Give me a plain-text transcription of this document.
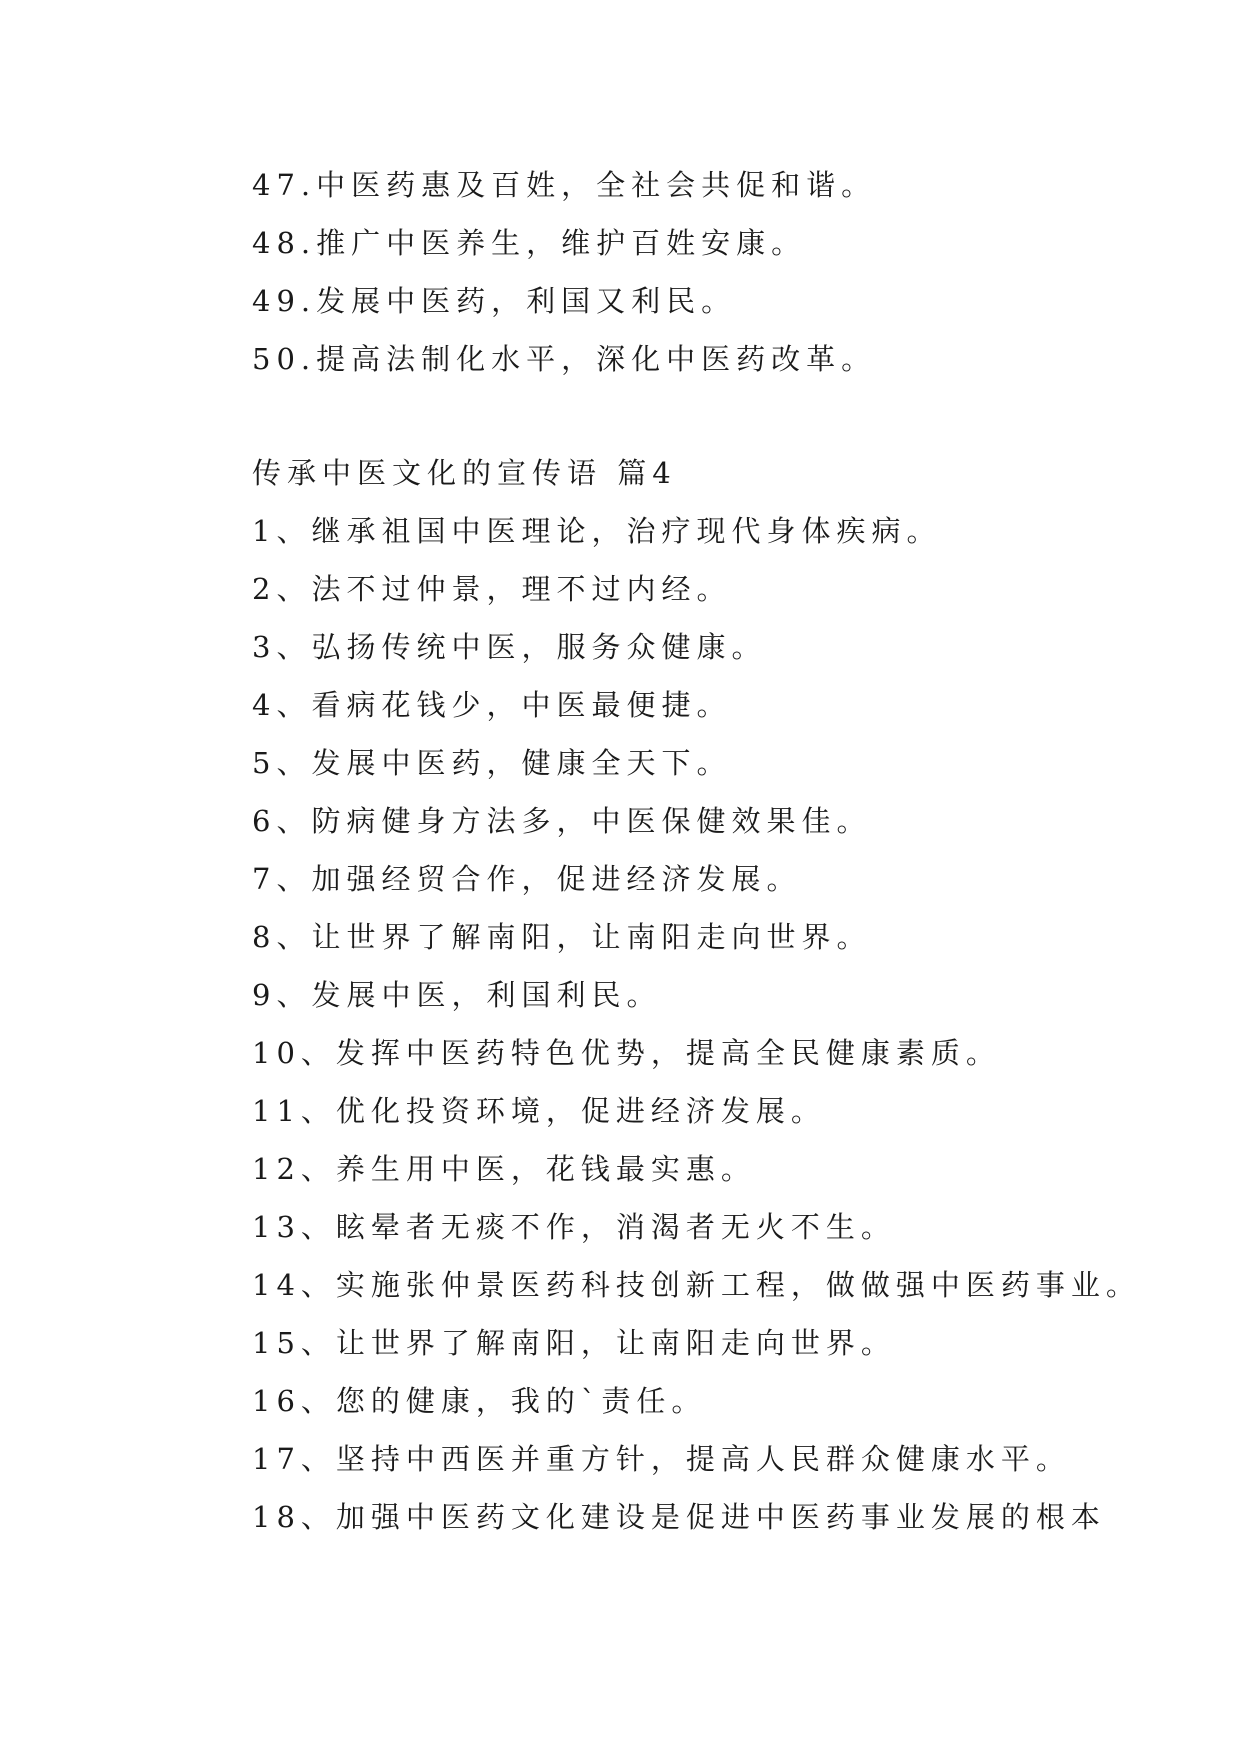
47.中医药惠及百姓，全社会共促和谐。
48.推广中医养生，维护百姓安康。
49.发展中医药，利国又利民。
50.提高法制化水平，深化中医药改革。
传承中医文化的宣传语 篇4
1、继承祖国中医理论，治疗现代身体疾病。
2、法不过仲景，理不过内经。
3、弘扬传统中医，服务众健康。
4、看病花钱少，中医最便捷。
5、发展中医药，健康全天下。
6、防病健身方法多，中医保健效果佳。
7、加强经贸合作，促进经济发展。
8、让世界了解南阳，让南阳走向世界。
9、发展中医，利国利民。
10、发挥中医药特色优势，提高全民健康素质。
11、优化投资环境，促进经济发展。
12、养生用中医，花钱最实惠。
13、眩晕者无痰不作，消渴者无火不生。
14、实施张仲景医药科技创新工程，做做强中医药事业。
15、让世界了解南阳，让南阳走向世界。
16、您的健康，我的`责任。
17、坚持中西医并重方针，提高人民群众健康水平。
18、加强中医药文化建设是促进中医药事业发展的根本
